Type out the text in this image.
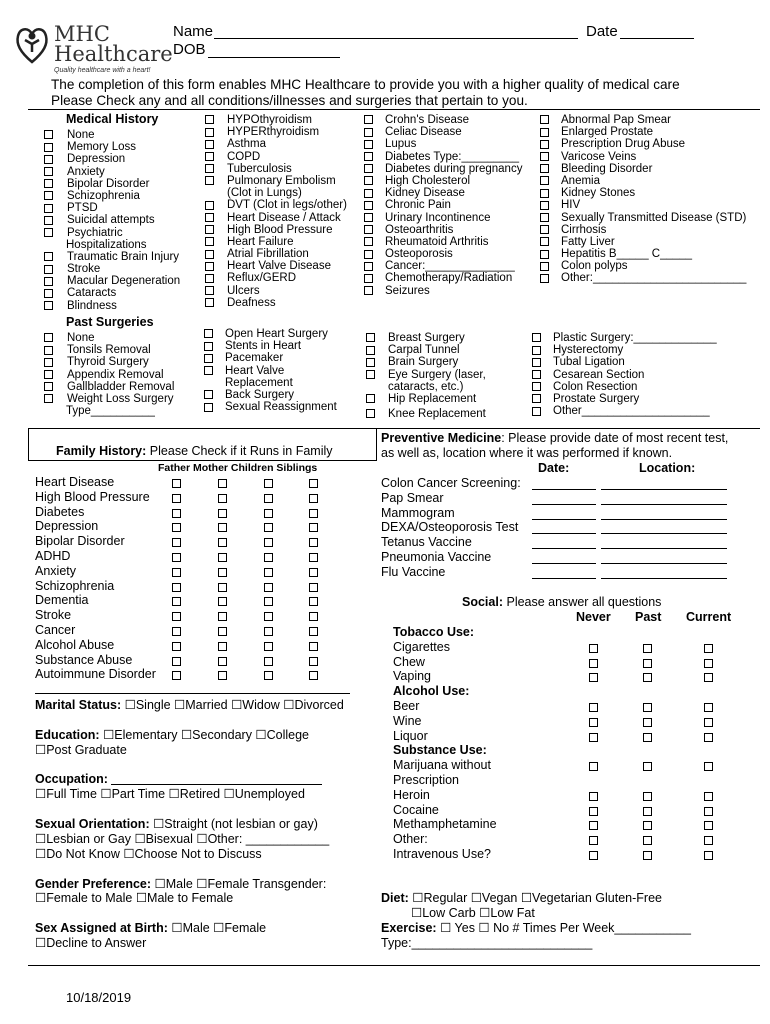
MHC
Healthcare
Quality healthcare with a heart!
Name	Date
DOB
The completion of this form enables MHC Healthcare to provide you with a higher quality of medical care
Please Check any and all conditions/illnesses and surgeries that pertain to you.
Medical History
None
Memory Loss
Depression
Anxiety
Bipolar Disorder
Schizophrenia
PTSD
Suicidal attempts
Psychiatric
Hospitalizations
Traumatic Brain Injury
Stroke
Macular Degeneration
Cataracts
Blindness
HYPOthyroidism
HYPERthyroidism
Asthma
COPD
Tuberculosis
Pulmonary Embolism
(Clot in Lungs)
DVT (Clot in legs/other)
Heart Disease / Attack
High Blood Pressure
Heart Failure
Atrial Fibrillation
Heart Valve Disease
Reflux/GERD
Ulcers
Deafness
Crohn's Disease
Celiac Disease
Lupus
Diabetes Type:_________
Diabetes during pregnancy
High Cholesterol
Kidney Disease
Chronic Pain
Urinary Incontinence
Osteoarthritis
Rheumatoid Arthritis
Osteoporosis
Cancer:______________
Chemotherapy/Radiation
Seizures
Abnormal Pap Smear
Enlarged Prostate
Prescription Drug Abuse
Varicose Veins
Bleeding Disorder
Anemia
Kidney Stones
HIV
Sexually Transmitted Disease (STD)
Cirrhosis
Fatty Liver
Hepatitis B_____ C_____
Colon polyps
Other:________________________
Past Surgeries
None
Tonsils Removal
Thyroid Surgery
Appendix Removal
Gallbladder Removal
Weight Loss Surgery
Type__________
Open Heart Surgery
Stents in Heart
Pacemaker
Heart Valve
Replacement
Back Surgery
Sexual Reassignment
Breast Surgery
Carpal Tunnel
Brain Surgery
Eye Surgery (laser,
cataracts, etc.)
Hip Replacement
Knee Replacement
Plastic Surgery:_____________
Hysterectomy
Tubal Ligation
Cesarean Section
Colon Resection
Prostate Surgery
Other____________________
Family History: Please Check if it Runs in Family
Father Mother Children Siblings
Heart Disease
High Blood Pressure
Diabetes
Depression
Bipolar Disorder
ADHD
Anxiety
Schizophrenia
Dementia
Stroke
Cancer
Alcohol Abuse
Substance Abuse
Autoimmune Disorder
Marital Status: ☐Single ☐Married ☐Widow ☐Divorced
Education: ☐Elementary ☐Secondary ☐College
☐Post Graduate
Occupation:
☐Full Time ☐Part Time ☐Retired ☐Unemployed
Sexual Orientation: ☐Straight (not lesbian or gay)
☐Lesbian or Gay ☐Bisexual ☐Other: ____________
☐Do Not Know ☐Choose Not to Discuss
Gender Preference: ☐Male ☐Female Transgender:
☐Female to Male ☐Male to Female
Sex Assigned at Birth: ☐Male ☐Female
☐Decline to Answer
Preventive Medicine: Please provide date of most recent test,
as well as, location where it was performed if known.
Date:	Location:
Colon Cancer Screening:
Pap Smear
Mammogram
DEXA/Osteoporosis Test
Tetanus Vaccine
Pneumonia Vaccine
Flu Vaccine
Social: Please answer all questions
Never Past Current
Tobacco Use:
Cigarettes
Chew
Vaping
Alcohol Use:
Beer
Wine
Liquor
Substance Use:
Marijuana without
Prescription
Heroin
Cocaine
Methamphetamine
Other:
Intravenous Use?
Diet: ☐Regular ☐Vegan ☐Vegetarian Gluten-Free
☐Low Carb ☐Low Fat
Exercise: ☐ Yes ☐ No # Times Per Week___________
Type:__________________________
10/18/2019
